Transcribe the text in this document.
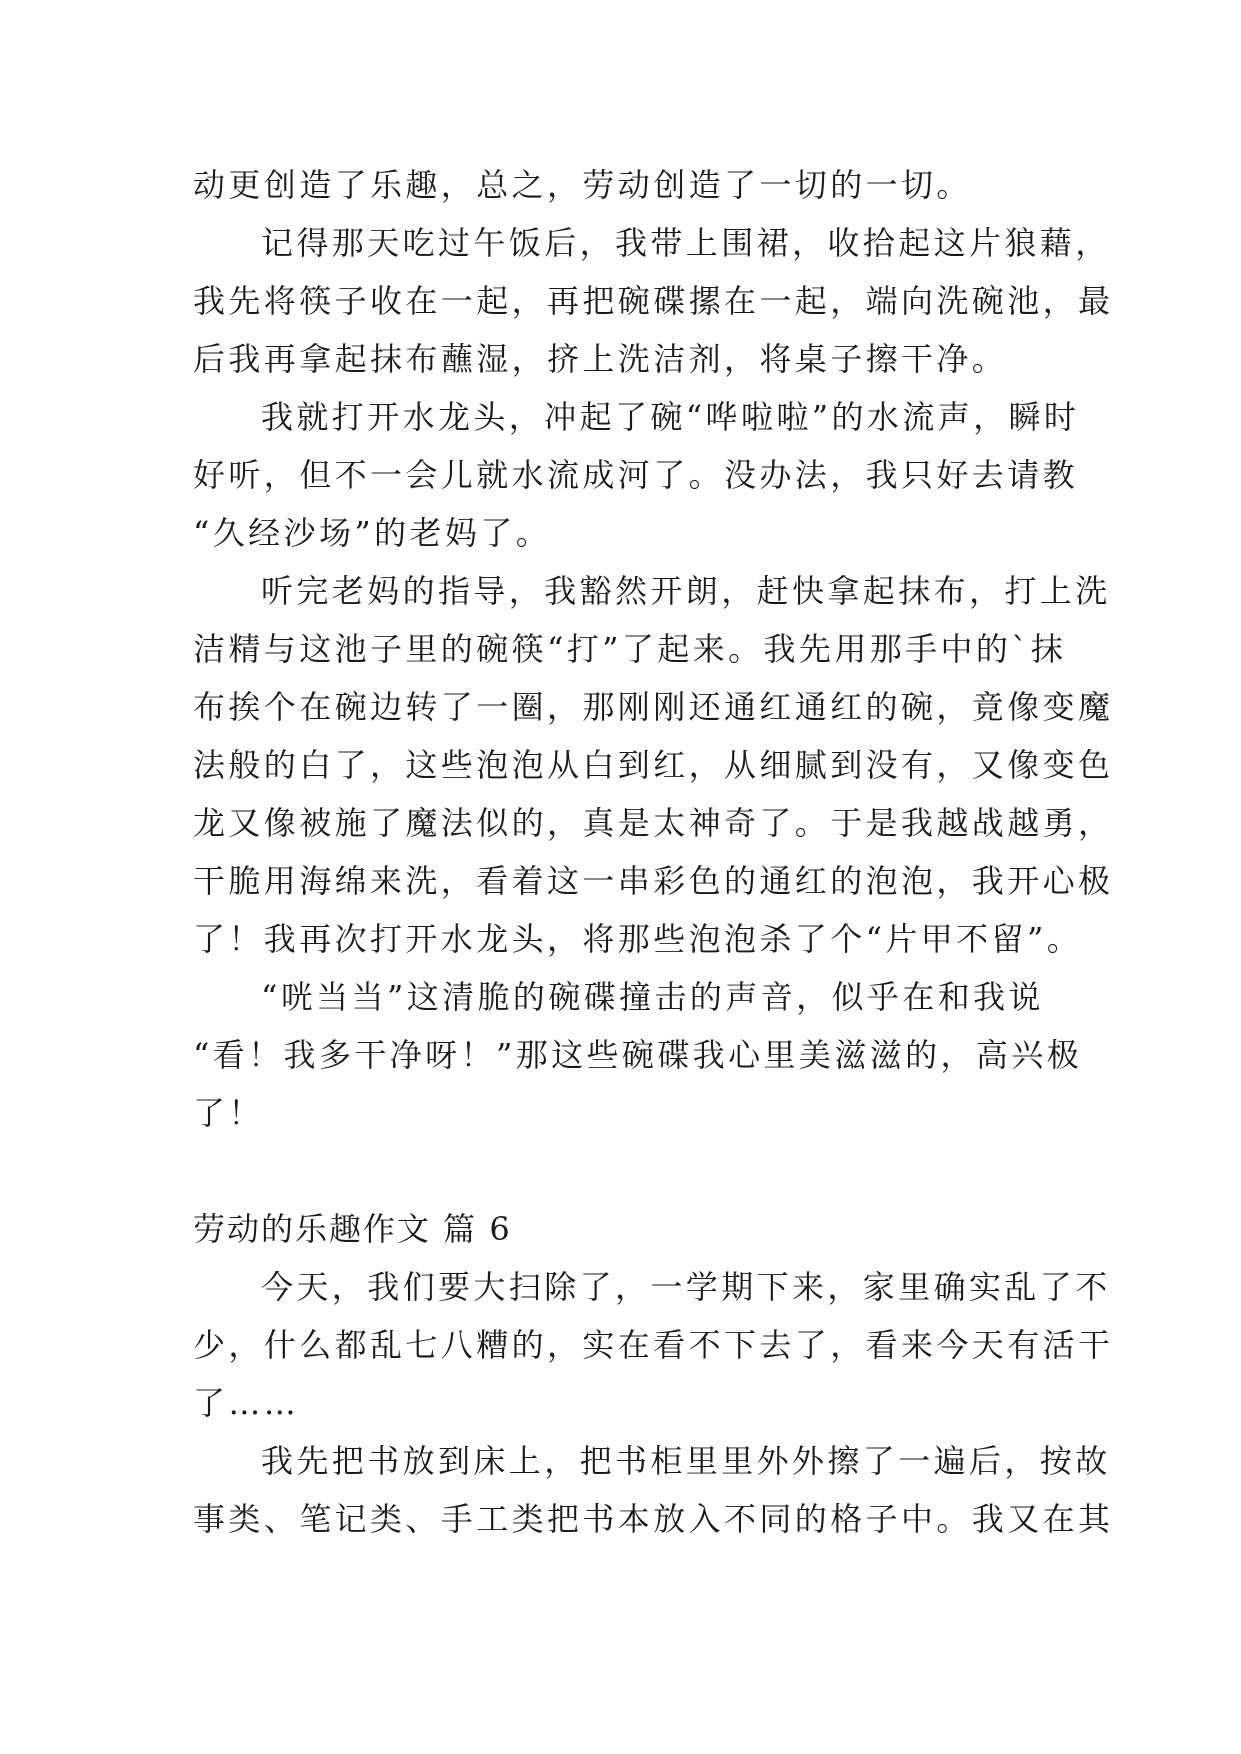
动更创造了乐趣，总之，劳动创造了一切的一切。
记得那天吃过午饭后，我带上围裙，收拾起这片狼藉，
我先将筷子收在一起，再把碗碟摞在一起，端向洗碗池，最
后我再拿起抹布蘸湿，挤上洗洁剂，将桌子擦干净。
我就打开水龙头，冲起了碗“哗啦啦”的水流声，瞬时
好听，但不一会儿就水流成河了。没办法，我只好去请教
“久经沙场”的老妈了。
听完老妈的指导，我豁然开朗，赶快拿起抹布，打上洗
洁精与这池子里的碗筷“打”了起来。我先用那手中的`抹
布挨个在碗边转了一圈，那刚刚还通红通红的碗，竟像变魔
法般的白了，这些泡泡从白到红，从细腻到没有，又像变色
龙又像被施了魔法似的，真是太神奇了。于是我越战越勇，
干脆用海绵来洗，看着这一串彩色的通红的泡泡，我开心极
了！我再次打开水龙头，将那些泡泡杀了个“片甲不留”。
“咣当当”这清脆的碗碟撞击的声音，似乎在和我说
“看！我多干净呀！”那这些碗碟我心里美滋滋的，高兴极
了！
劳动的乐趣作文 篇 6
今天，我们要大扫除了，一学期下来，家里确实乱了不
少，什么都乱七八糟的，实在看不下去了，看来今天有活干
了……
我先把书放到床上，把书柜里里外外擦了一遍后，按故
事类、笔记类、手工类把书本放入不同的格子中。我又在其
